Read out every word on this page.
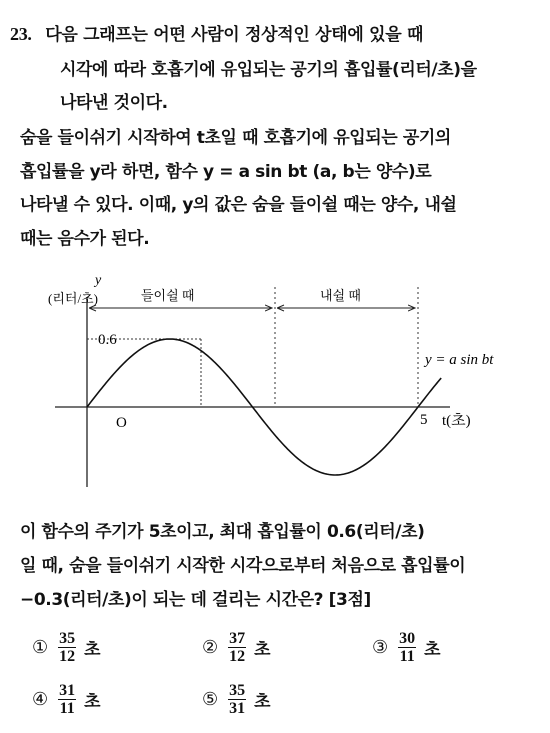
23. 다음 그래프는 어떤 사람이 정상적인 상태에 있을 때
시각에 따라 호흡기에 유입되는 공기의 흡입률(리터/초)을
나타낸 것이다.
숨을 들이쉬기 시작하여 t초일 때 호흡기에 유입되는 공기의
흡입률을 y라 하면, 함수 y = a sin bt (a, b는 양수)로
나타낼 수 있다. 이때, y의 값은 숨을 들이쉴 때는 양수, 내쉴
때는 음수가 된다.
y
(리터/초)
O
0.6
5 t(초)
들이쉴 때	내쉴 때
y = a sin bt
이 함수의 주기가 5초이고, 최대 흡입률이 0.6(리터/초)
일 때, 숨을 들이쉬기 시작한 시각으로부터 처음으로 흡입률이
−0.3(리터/초)이 되는 데 걸리는 시간은? [3점]
① $\frac{35}{12}$ 초	② $\frac{37}{12}$ 초	③ $\frac{30}{11}$ 초
④ $\frac{31}{11}$ 초	⑤ $\frac{35}{31}$ 초
